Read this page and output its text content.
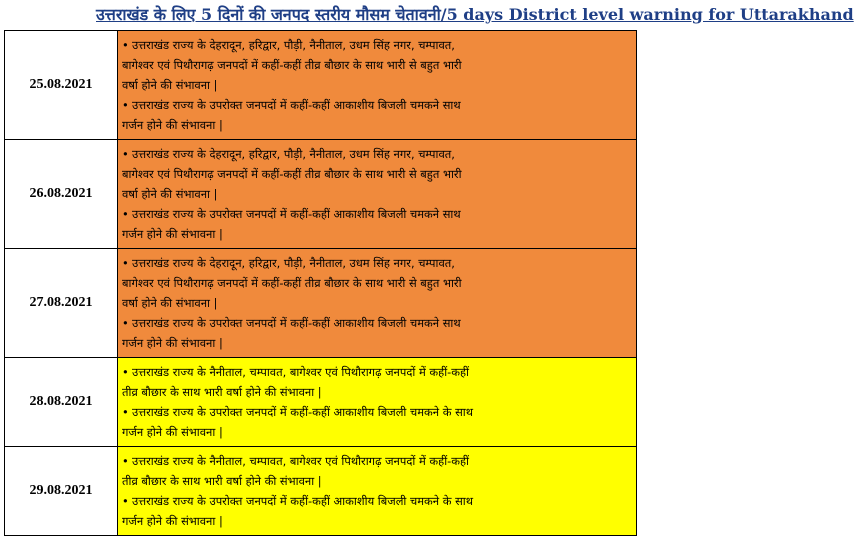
उत्तराखंड के लिए 5 दिनों की जनपद स्तरीय मौसम चेतावनी/5 days District level warning for Uttarakhand
25.08.2021	• उत्तराखंड राज्य के देहरादून, हरिद्वार, पौड़ी, नैनीताल, उधम सिंह नगर, चम्पावत,
बागेश्वर एवं पिथौरागढ़ जनपदों में कहीं-कहीं तीव्र बौछार के साथ भारी से बहुत भारी
वर्षा होने की संभावना |
• उत्तराखंड राज्य के उपरोक्त जनपदों में कहीं-कहीं आकाशीय बिजली चमकने साथ
गर्जन होने की संभावना |

26.08.2021	• उत्तराखंड राज्य के देहरादून, हरिद्वार, पौड़ी, नैनीताल, उधम सिंह नगर, चम्पावत,
बागेश्वर एवं पिथौरागढ़ जनपदों में कहीं-कहीं तीव्र बौछार के साथ भारी से बहुत भारी
वर्षा होने की संभावना |
• उत्तराखंड राज्य के उपरोक्त जनपदों में कहीं-कहीं आकाशीय बिजली चमकने साथ
गर्जन होने की संभावना |

27.08.2021	• उत्तराखंड राज्य के देहरादून, हरिद्वार, पौड़ी, नैनीताल, उधम सिंह नगर, चम्पावत,
बागेश्वर एवं पिथौरागढ़ जनपदों में कहीं-कहीं तीव्र बौछार के साथ भारी से बहुत भारी
वर्षा होने की संभावना |
• उत्तराखंड राज्य के उपरोक्त जनपदों में कहीं-कहीं आकाशीय बिजली चमकने साथ
गर्जन होने की संभावना |

28.08.2021	• उत्तराखंड राज्य के नैनीताल, चम्पावत, बागेश्वर एवं पिथौरागढ़ जनपदों में कहीं-कहीं
तीव्र बौछार के साथ भारी वर्षा होने की संभावना |
• उत्तराखंड राज्य के उपरोक्त जनपदों में कहीं-कहीं आकाशीय बिजली चमकने के साथ
गर्जन होने की संभावना |

29.08.2021	• उत्तराखंड राज्य के नैनीताल, चम्पावत, बागेश्वर एवं पिथौरागढ़ जनपदों में कहीं-कहीं
तीव्र बौछार के साथ भारी वर्षा होने की संभावना |
• उत्तराखंड राज्य के उपरोक्त जनपदों में कहीं-कहीं आकाशीय बिजली चमकने के साथ
गर्जन होने की संभावना |
